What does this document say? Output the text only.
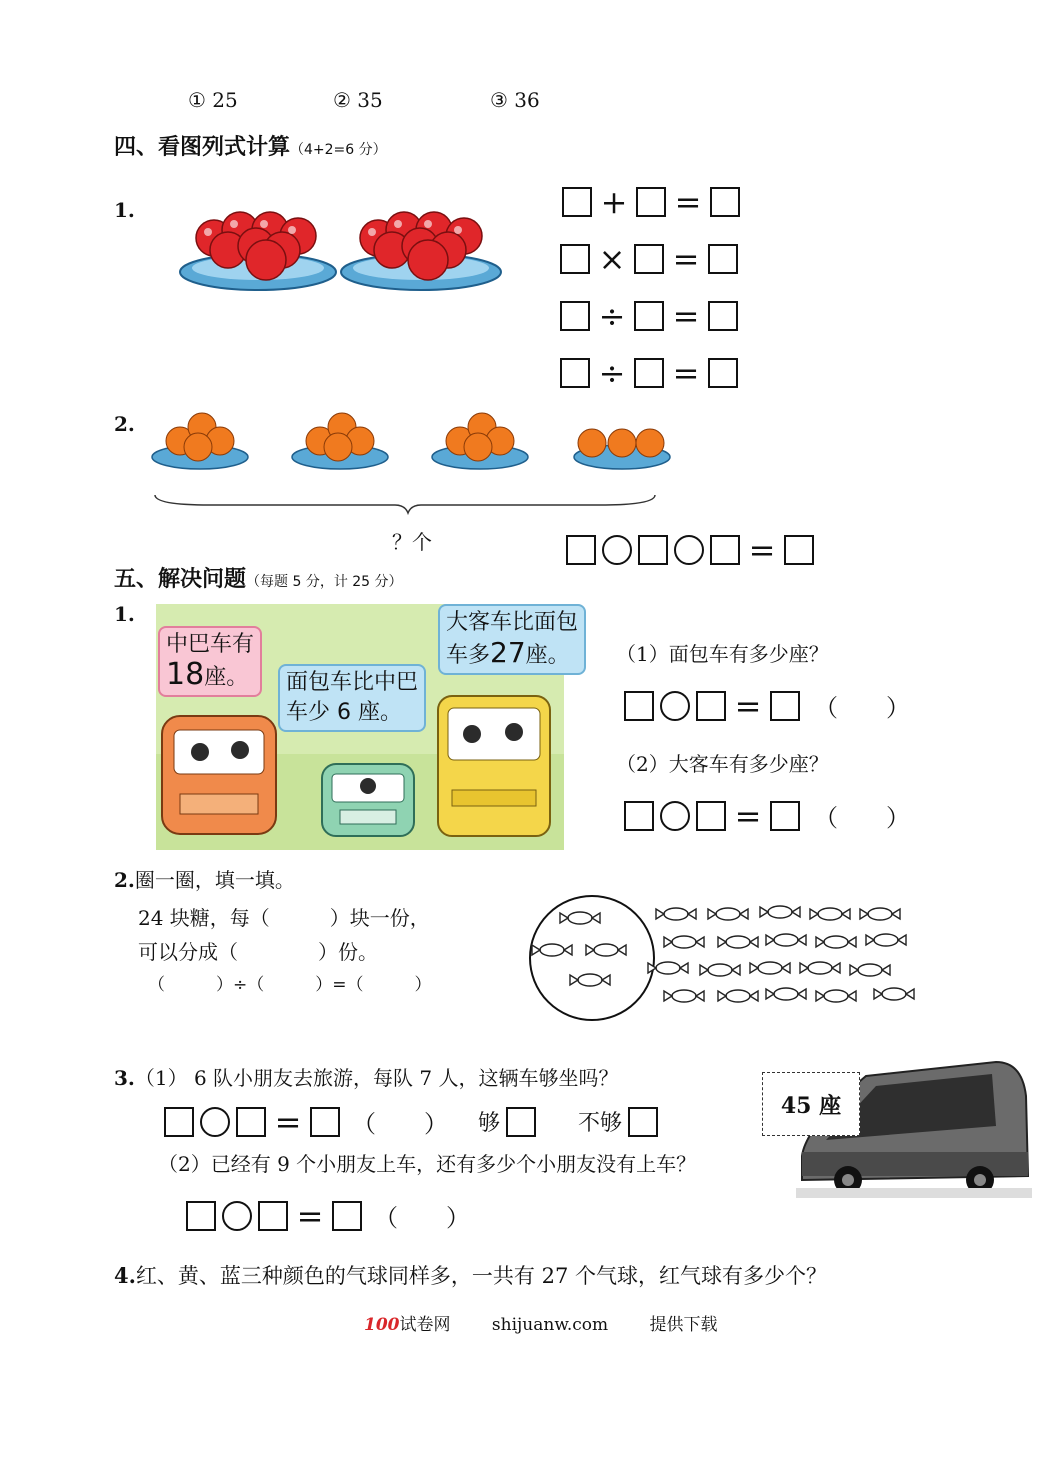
① 25	② 35	③ 36
四、看图列式计算（4+2=6 分）
1.	+ =
× =
÷ =
÷ =
2.
？个	=
五、解决问题（每题 5 分，计 25 分）
1.
中巴车有
18座。 面包车比中巴
车少 6 座。
大客车比面包
车多27座。	（1）面包车有多少座？
= （　　）
（2）大客车有多少座？
= （　　）
2.圈一圈，填一填。
24 块糖，每（　　　）块一份，
可以分成（　　　　）份。
（　　　）÷（　　　）=（　　　）
3.（1） 6 队小朋友去旅游，每队 7 人，这辆车够坐吗？
= （　　） 够	不够
（2）已经有 9 个小朋友上车，还有多少个小朋友没有上车？
= （　　）
45 座
4.红、黄、蓝三种颜色的气球同样多，一共有 27 个气球，红气球有多少个？
100试卷网 shijuanw.com 提供下载
